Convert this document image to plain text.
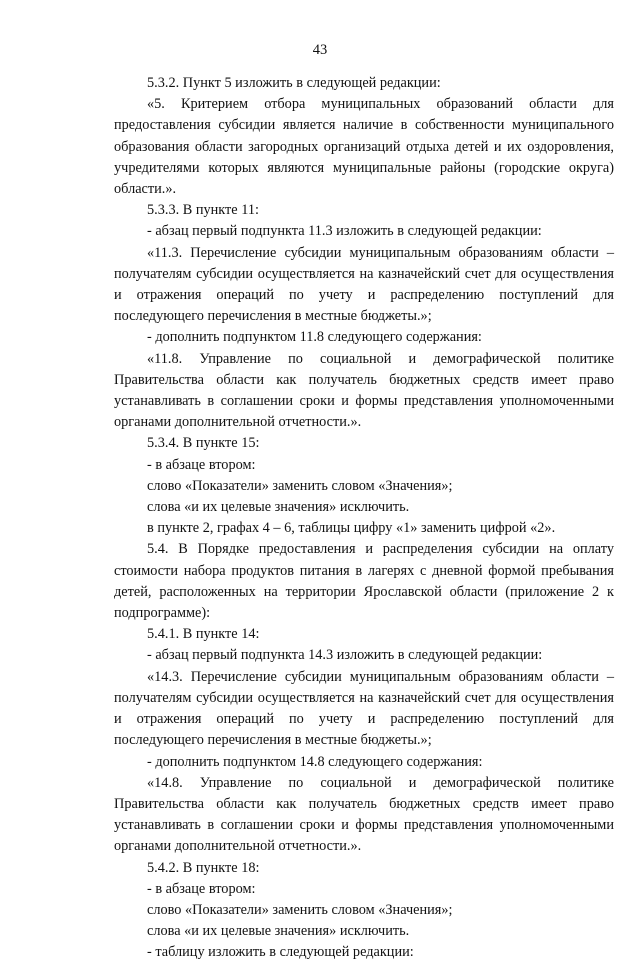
43

5.3.2. Пункт 5 изложить в следующей редакции:

«5. Критерием отбора муниципальных образований области для предоставления субсидии является наличие в собственности муниципального образования области загородных организаций отдыха детей и их оздоровления, учредителями которых являются муниципальные районы (городские округа) области.».

5.3.3. В пункте 11:

- абзац первый подпункта 11.3 изложить в следующей редакции:

«11.3. Перечисление субсидии муниципальным образованиям области – получателям субсидии осуществляется на казначейский счет для осуществления и отражения операций по учету и распределению поступлений для последующего перечисления в местные бюджеты.»;

- дополнить подпунктом 11.8 следующего содержания:

«11.8. Управление по социальной и демографической политике Правительства области как получатель бюджетных средств имеет право устанавливать в соглашении сроки и формы представления уполномоченными органами дополнительной отчетности.».

5.3.4. В пункте 15:

- в абзаце втором:

слово «Показатели» заменить словом «Значения»;

слова «и их целевые значения» исключить.

в пункте 2, графах 4 – 6, таблицы цифру «1» заменить цифрой «2».

5.4. В Порядке предоставления и распределения субсидии на оплату стоимости набора продуктов питания в лагерях с дневной формой пребывания детей, расположенных на территории Ярославской области (приложение 2 к подпрограмме):

5.4.1. В пункте 14:

- абзац первый подпункта 14.3 изложить в следующей редакции:

«14.3. Перечисление субсидии муниципальным образованиям области – получателям субсидии осуществляется на казначейский счет для осуществления и отражения операций по учету и распределению поступлений для последующего перечисления в местные бюджеты.»;

- дополнить подпунктом 14.8 следующего содержания:

«14.8. Управление по социальной и демографической политике Правительства области как получатель бюджетных средств имеет право устанавливать в соглашении сроки и формы представления уполномоченными органами дополнительной отчетности.».

5.4.2. В пункте 18:

- в абзаце втором:

слово «Показатели» заменить словом «Значения»;

слова «и их целевые значения» исключить.

- таблицу изложить в следующей редакции:
